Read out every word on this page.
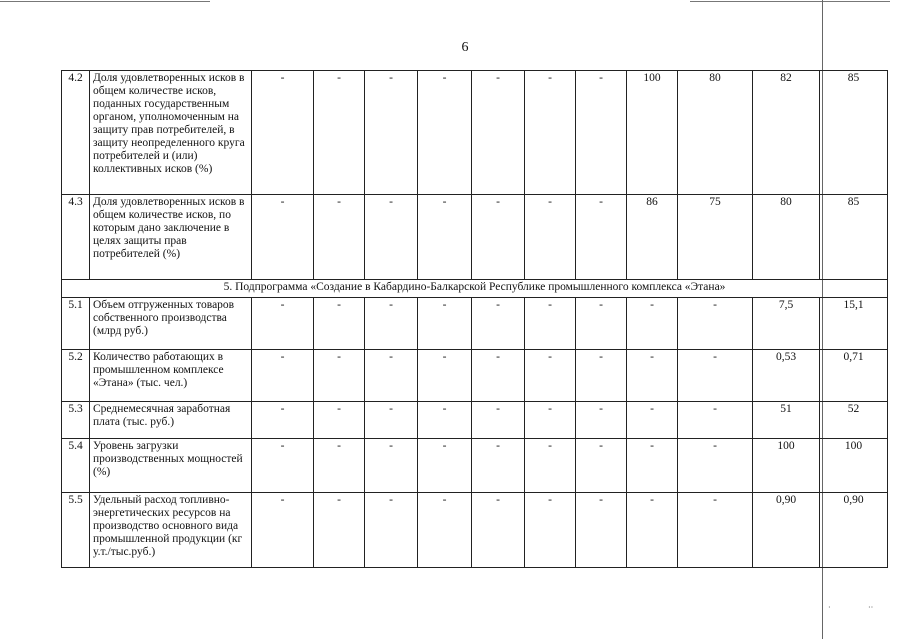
6
4.2	Доля удовлетворенных исков в общем количестве исков, поданных государственным органом, уполномоченным на защиту прав потребителей, в защиту неопределенного круга потребителей и (или) коллективных исков (%)	-	-	-	-	-	-	-	100	80	82	85
4.3	Доля удовлетворенных исков в общем количестве исков, по которым дано заключение в целях защиты прав потребителей (%)	-	-	-	-	-	-	-	86	75	80	85
5. Подпрограмма «Создание в Кабардино-Балкарской Республике промышленного комплекса «Этана»												
5.1	Объем отгруженных товаров собственного производства (млрд руб.)	-	-	-	-	-	-	-	-	-	7,5	15,1
5.2	Количество работающих в промышленном комплексе «Этана» (тыс. чел.)	-	-	-	-	-	-	-	-	-	0,53	0,71
5.3	Среднемесячная заработная плата (тыс. руб.)	-	-	-	-	-	-	-	-	-	51	52
5.4	Уровень загрузки производственных мощностей (%)	-	-	-	-	-	-	-	-	-	100	100
5.5	Удельный расход топливно-энергетических ресурсов на производство основного вида промышленной продукции (кг у.т./тыс.руб.)	-	-	-	-	-	-	-	-	-	0,90	0,90
·	··
